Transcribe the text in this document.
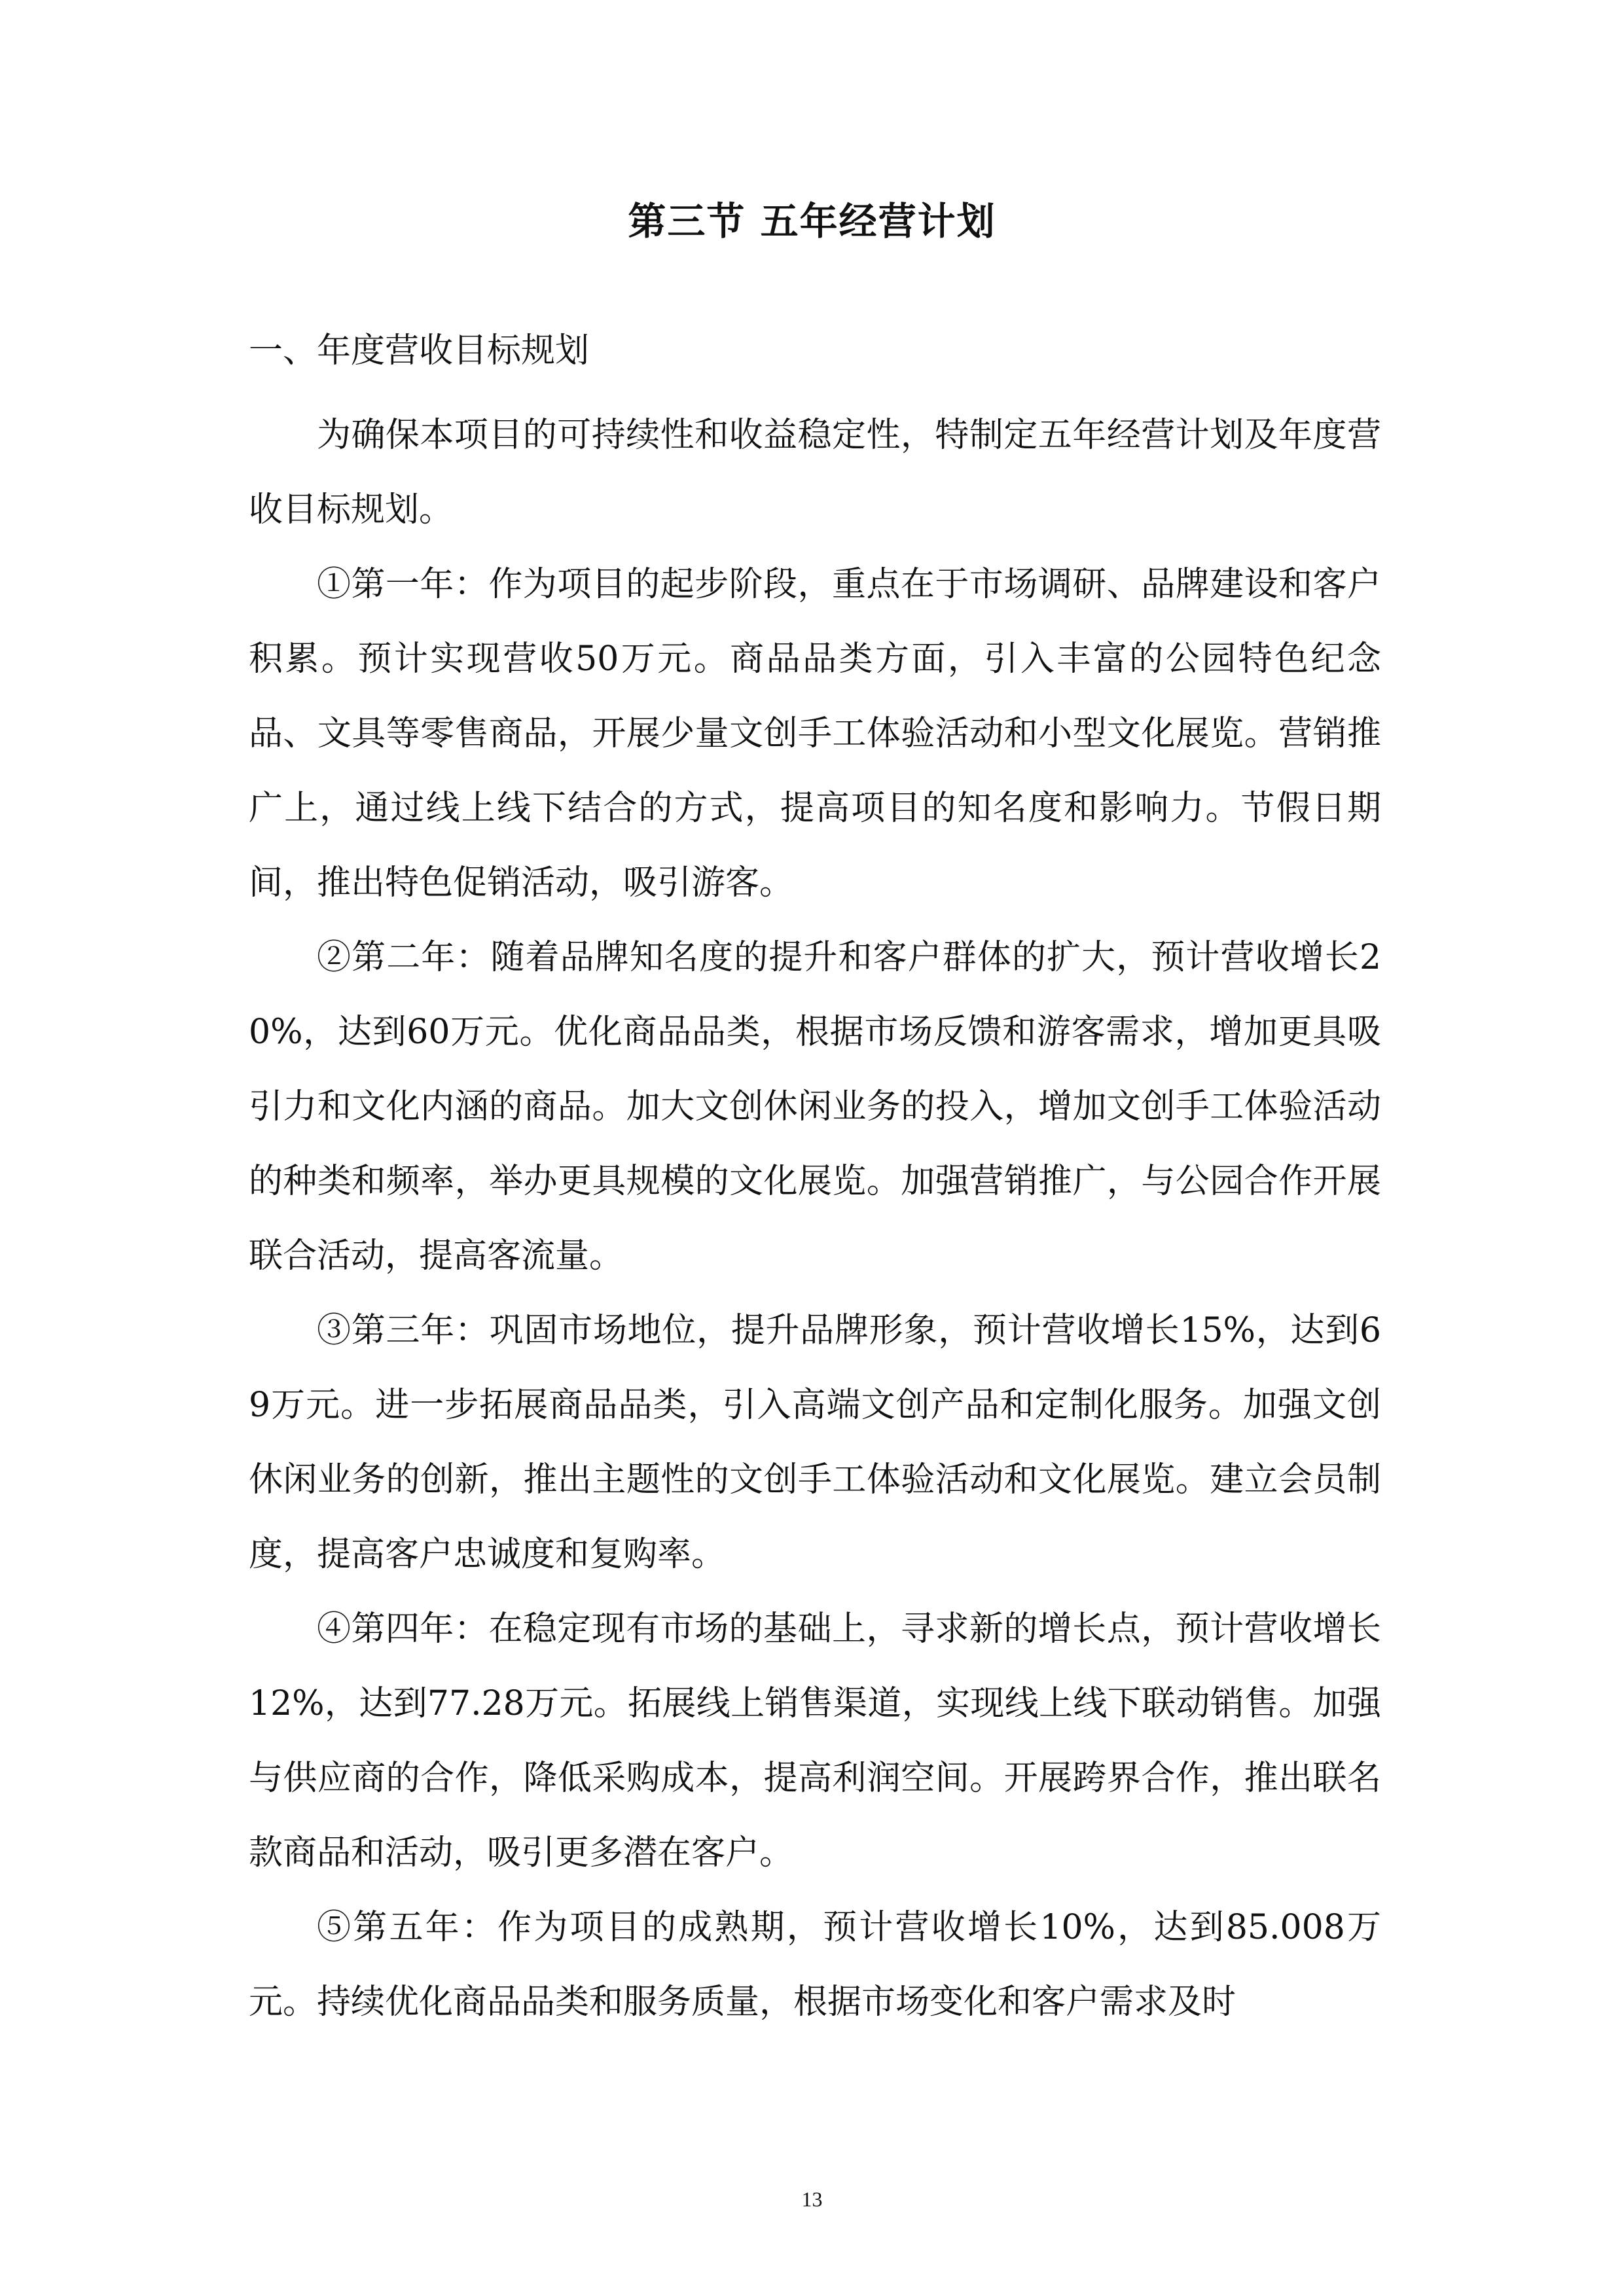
第三节 五年经营计划
一、年度营收目标规划

为确保本项目的可持续性和收益稳定性，特制定五年经营计划及年度营收目标规划。

①第一年：作为项目的起步阶段，重点在于市场调研、品牌建设和客户积累。预计实现营收50万元。商品品类方面，引入丰富的公园特色纪念品、文具等零售商品，开展少量文创手工体验活动和小型文化展览。营销推广上，通过线上线下结合的方式，提高项目的知名度和影响力。节假日期间，推出特色促销活动，吸引游客。

②第二年：随着品牌知名度的提升和客户群体的扩大，预计营收增长20%，达到60万元。优化商品品类，根据市场反馈和游客需求，增加更具吸引力和文化内涵的商品。加大文创休闲业务的投入，增加文创手工体验活动的种类和频率，举办更具规模的文化展览。加强营销推广，与公园合作开展联合活动，提高客流量。

③第三年：巩固市场地位，提升品牌形象，预计营收增长15%，达到69万元。进一步拓展商品品类，引入高端文创产品和定制化服务。加强文创休闲业务的创新，推出主题性的文创手工体验活动和文化展览。建立会员制度，提高客户忠诚度和复购率。

④第四年：在稳定现有市场的基础上，寻求新的增长点，预计营收增长12%，达到77.28万元。拓展线上销售渠道，实现线上线下联动销售。加强与供应商的合作，降低采购成本，提高利润空间。开展跨界合作，推出联名款商品和活动，吸引更多潜在客户。

⑤第五年：作为项目的成熟期，预计营收增长10%，达到85.008万元。持续优化商品品类和服务质量，根据市场变化和客户需求及时

13
